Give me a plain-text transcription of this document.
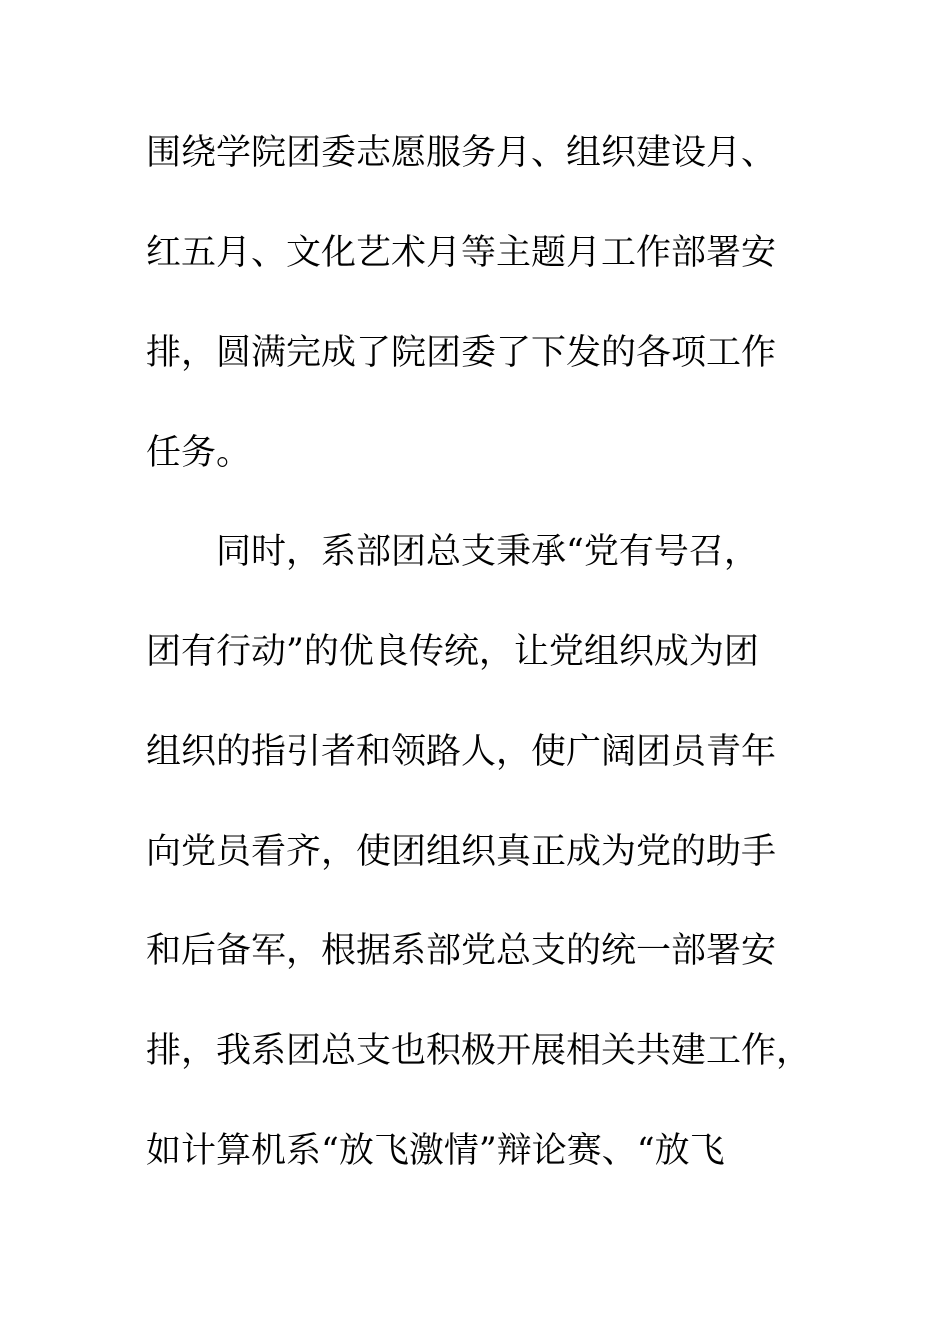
围绕学院团委志愿服务月、组织建设月、
红五月、文化艺术月等主题月工作部署安
排，圆满完成了院团委了下发的各项工作
任务。
同时，系部团总支秉承“党有号召，
团有行动”的优良传统，让党组织成为团
组织的指引者和领路人，使广阔团员青年
向党员看齐，使团组织真正成为党的助手
和后备军，根据系部党总支的统一部署安
排，我系团总支也积极开展相关共建工作，
如计算机系“放飞激情”辩论赛、“放飞
